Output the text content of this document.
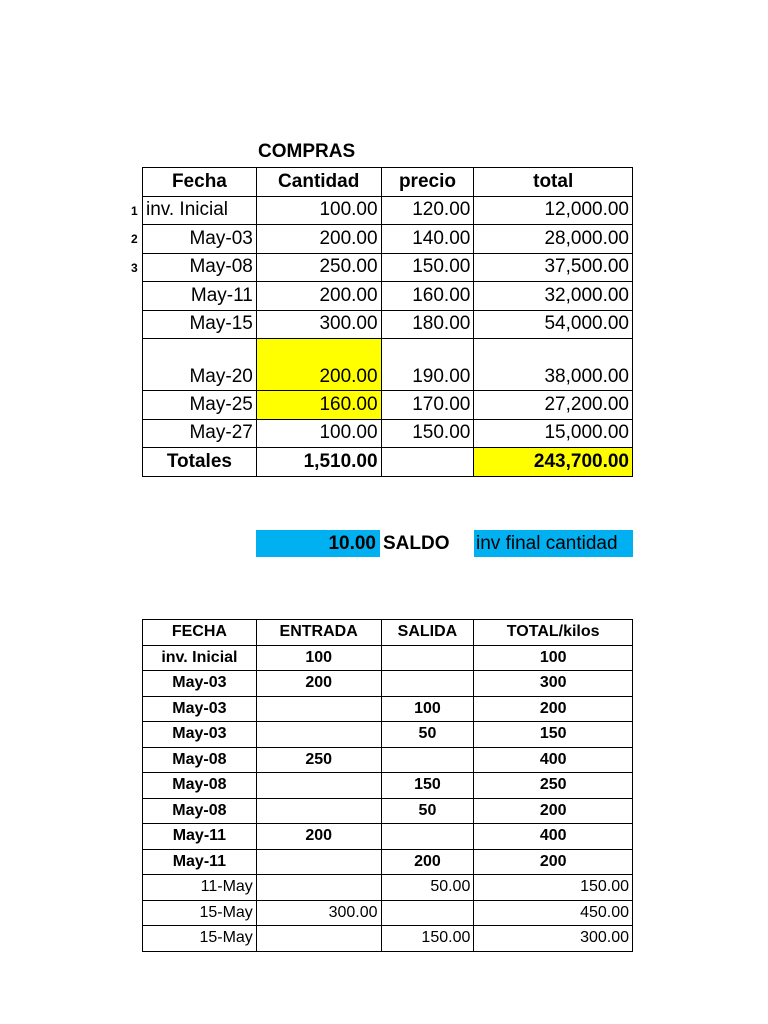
COMPRAS
1
2
3
Fecha	Cantidad	precio	total
inv. Inicial	100.00	120.00	12,000.00
May-03	200.00	140.00	28,000.00
May-08	250.00	150.00	37,500.00
May-11	200.00	160.00	32,000.00
May-15	300.00	180.00	54,000.00
May-20	200.00	190.00	38,000.00
May-25	160.00	170.00	27,200.00
May-27	100.00	150.00	15,000.00
Totales	1,510.00		243,700.00
10.00 SALDO inv final cantidad
FECHA	ENTRADA	SALIDA	TOTAL/kilos
inv. Inicial	100		100
May-03	200		300
May-03		100	200
May-03		50	150
May-08	250		400
May-08		150	250
May-08		50	200
May-11	200		400
May-11		200	200
11-May		50.00	150.00
15-May	300.00		450.00
15-May		150.00	300.00
